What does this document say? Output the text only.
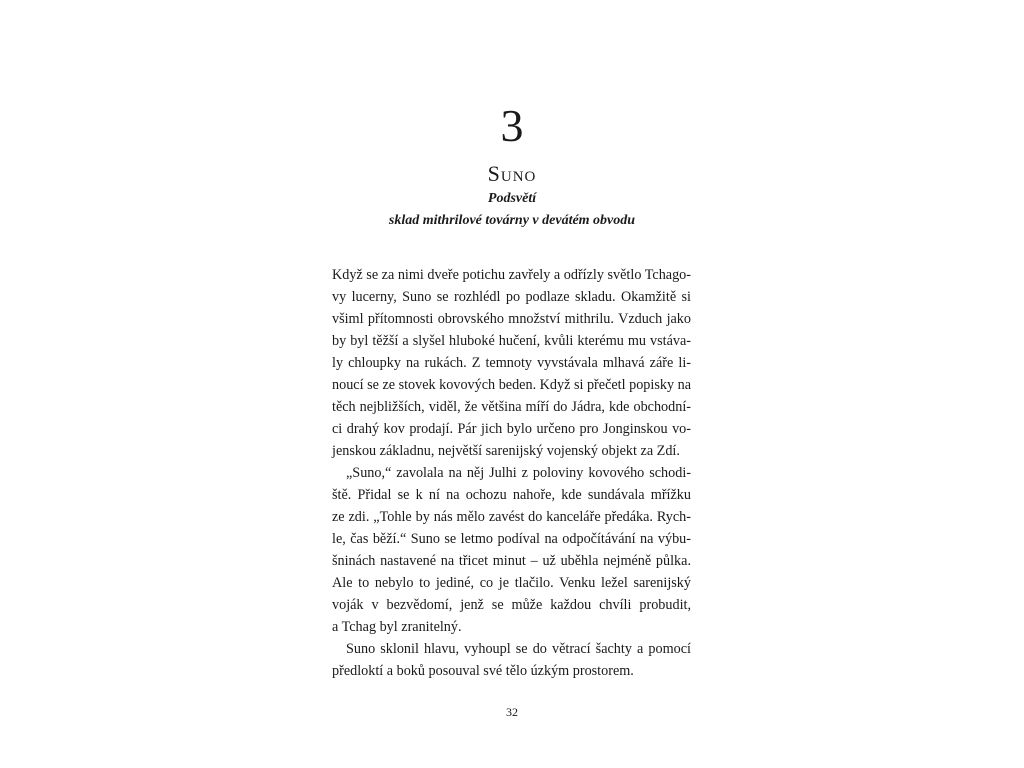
3
Suno
Podsvětí
sklad mithrilové továrny v devátém obvodu
Když se za nimi dveře potichu zavřely a odřízly světlo Tchago-
vy lucerny, Suno se rozhlédl po podlaze skladu. Okamžitě si
všiml přítomnosti obrovského množství mithrilu. Vzduch jako
by byl těžší a slyšel hluboké hučení, kvůli kterému mu vstáva-
ly chloupky na rukách. Z temnoty vyvstávala mlhavá záře li-
noucí se ze stovek kovových beden. Když si přečetl popisky na
těch nejbližších, viděl, že většina míří do Jádra, kde obchodní-
ci drahý kov prodají. Pár jich bylo určeno pro Jonginskou vo-
jenskou základnu, největší sarenijský vojenský objekt za Zdí.
„Suno,“ zavolala na něj Julhi z poloviny kovového schodi-
ště. Přidal se k ní na ochozu nahoře, kde sundávala mřížku
ze zdi. „Tohle by nás mělo zavést do kanceláře předáka. Rych-
le, čas běží.“ Suno se letmo podíval na odpočítávání na výbu-
šninách nastavené na třicet minut – už uběhla nejméně půlka.
Ale to nebylo to jediné, co je tlačilo. Venku ležel sarenijský
voják v bezvědomí, jenž se může každou chvíli probudit,
a Tchag byl zranitelný.
Suno sklonil hlavu, vyhoupl se do větrací šachty a pomocí
předloktí a boků posouval své tělo úzkým prostorem.
32
